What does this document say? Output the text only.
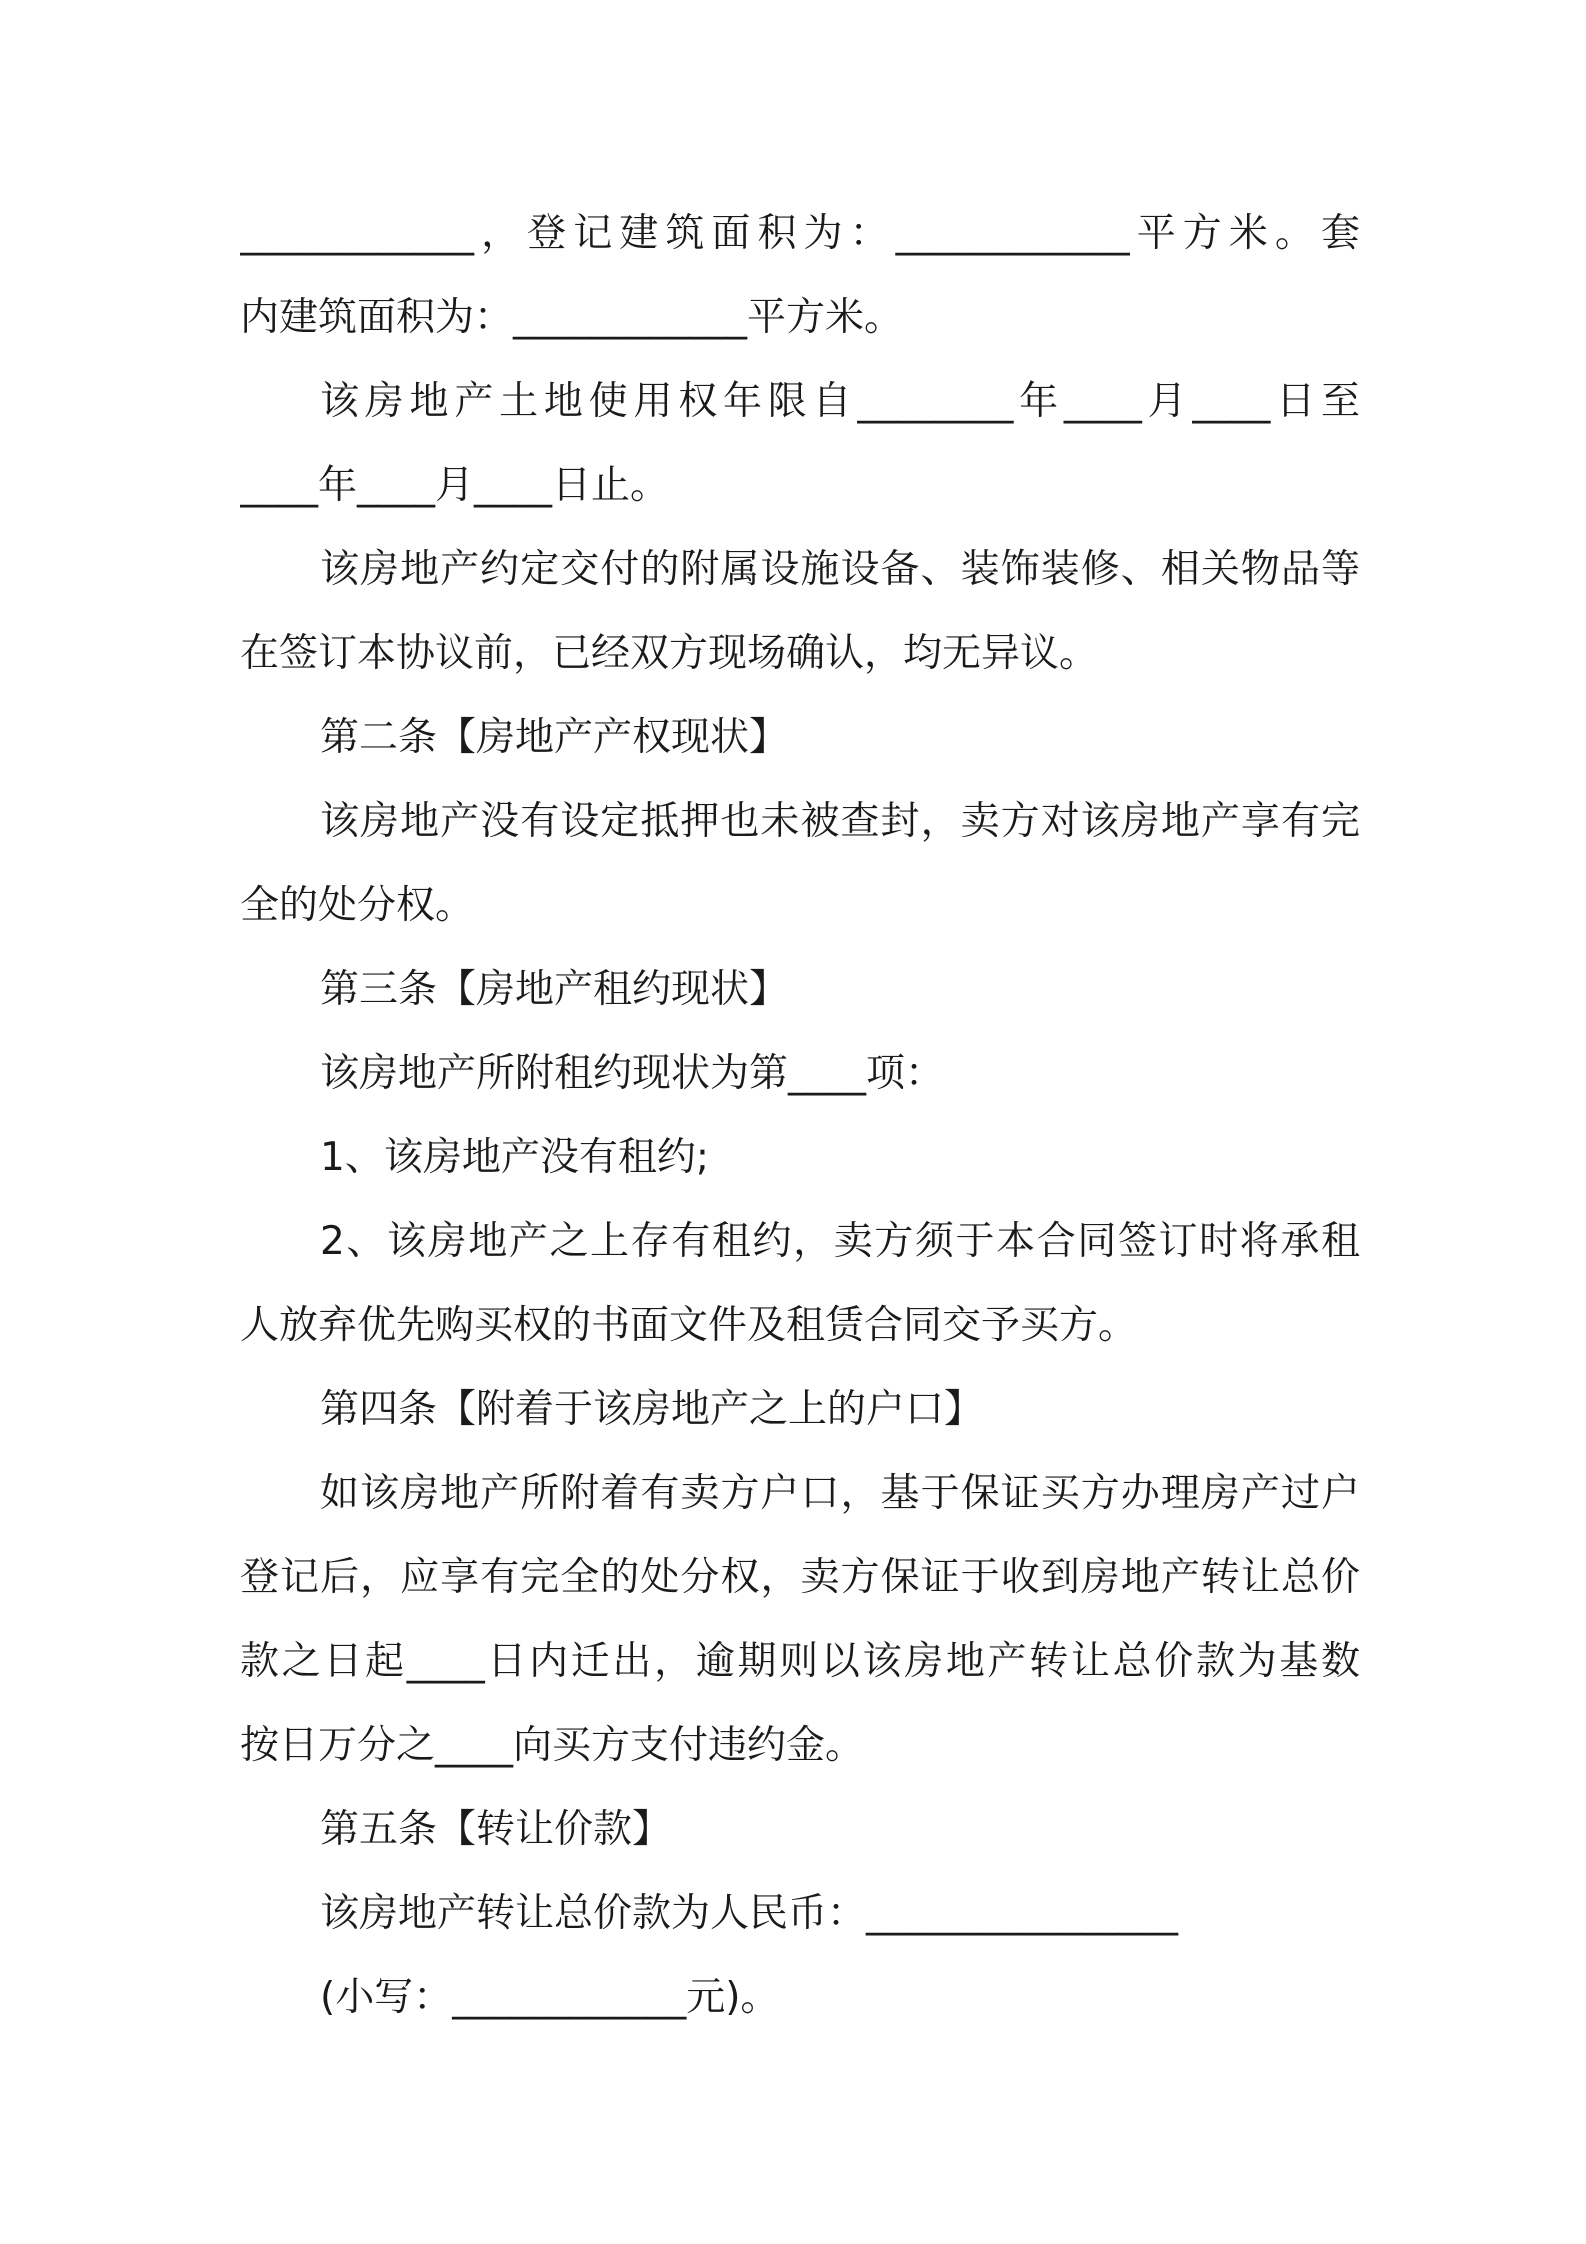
____________，登记建筑面积为：____________平方米。套
内建筑面积为：____________平方米。
该房地产土地使用权年限自________年____月____日至
____年____月____日止。
该房地产约定交付的附属设施设备、装饰装修、相关物品等
在签订本协议前，已经双方现场确认，均无异议。
第二条【房地产产权现状】
该房地产没有设定抵押也未被查封，卖方对该房地产享有完
全的处分权。
第三条【房地产租约现状】
该房地产所附租约现状为第____项：
1、该房地产没有租约;
2、该房地产之上存有租约，卖方须于本合同签订时将承租
人放弃优先购买权的书面文件及租赁合同交予买方。
第四条【附着于该房地产之上的户口】
如该房地产所附着有卖方户口，基于保证买方办理房产过户
登记后，应享有完全的处分权，卖方保证于收到房地产转让总价
款之日起____日内迁出，逾期则以该房地产转让总价款为基数
按日万分之____向买方支付违约金。
第五条【转让价款】
该房地产转让总价款为人民币：________________
(小写：____________元)。
